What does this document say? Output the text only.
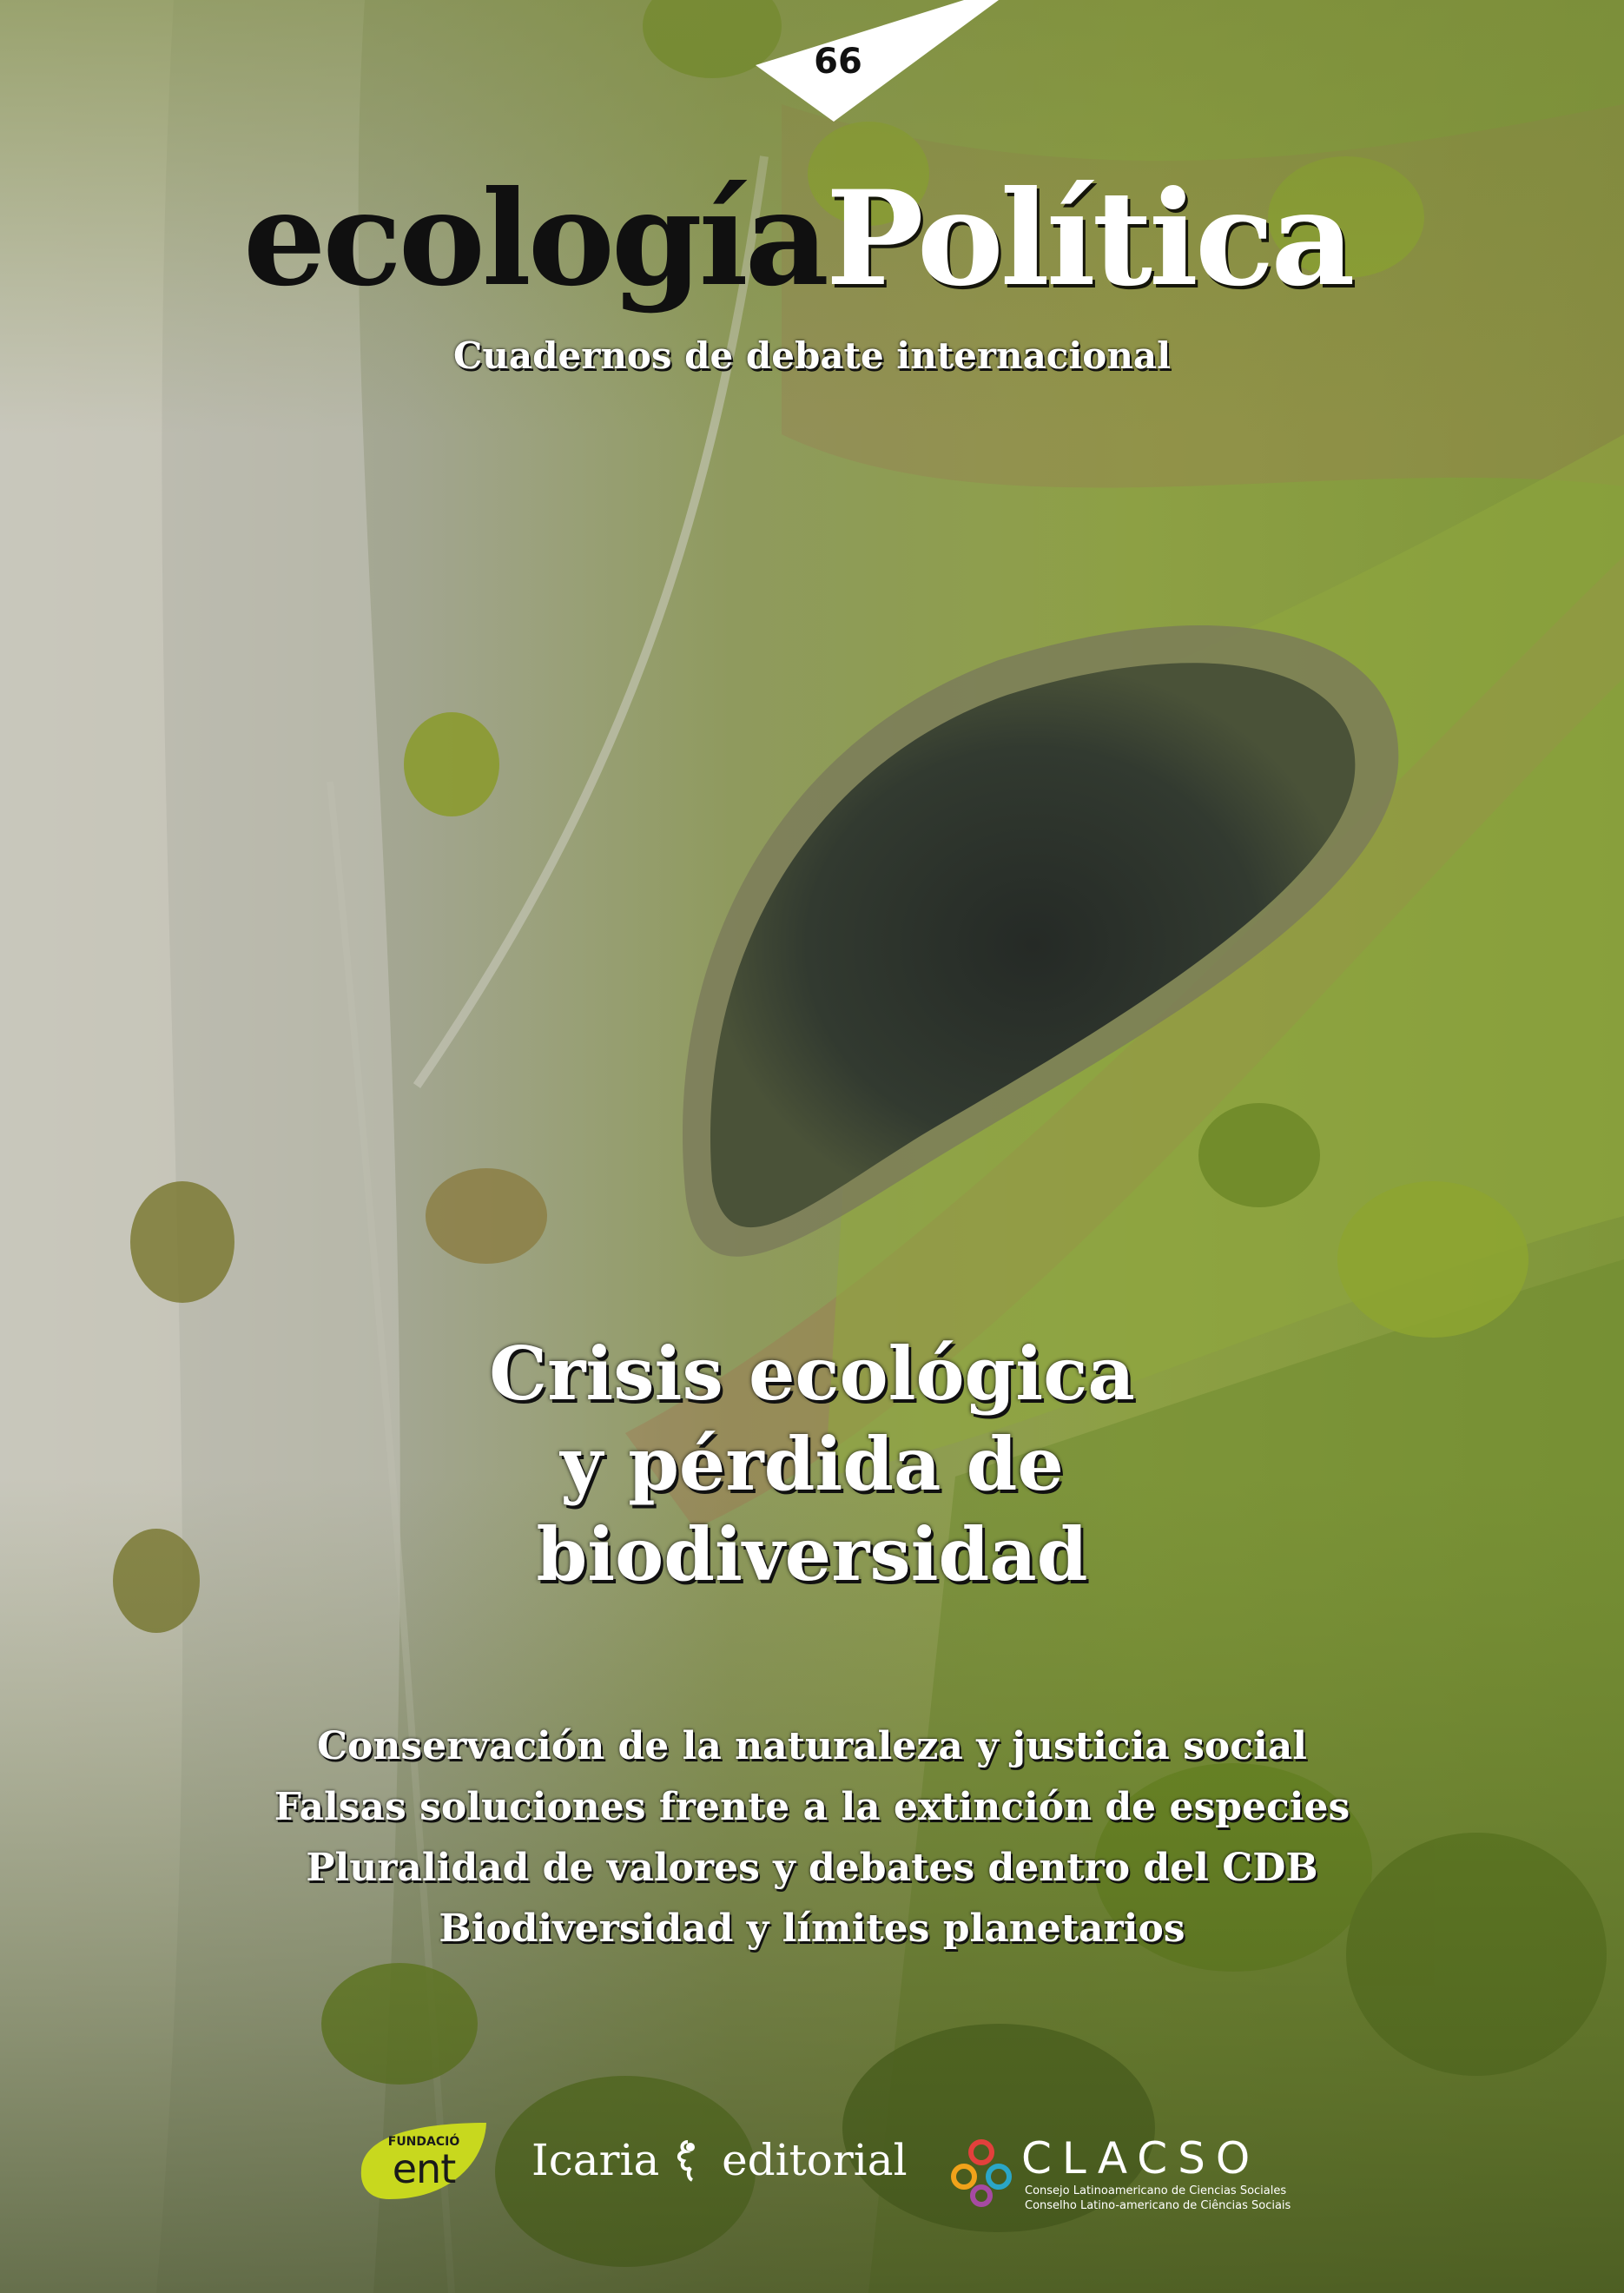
66
ecologíaPolítica
Cuadernos de debate internacional
Crisis ecológica
y pérdida de
biodiversidad
Conservación de la naturaleza y justicia social
Falsas soluciones frente a la extinción de especies
Pluralidad de valores y debates dentro del CDB
Biodiversidad y límites planetarios
FUNDACIÓ
ent	Icaria editorial	CLACSO
Consejo Latinoamericano de Ciencias Sociales
Conselho Latino-americano de Ciências Sociais
